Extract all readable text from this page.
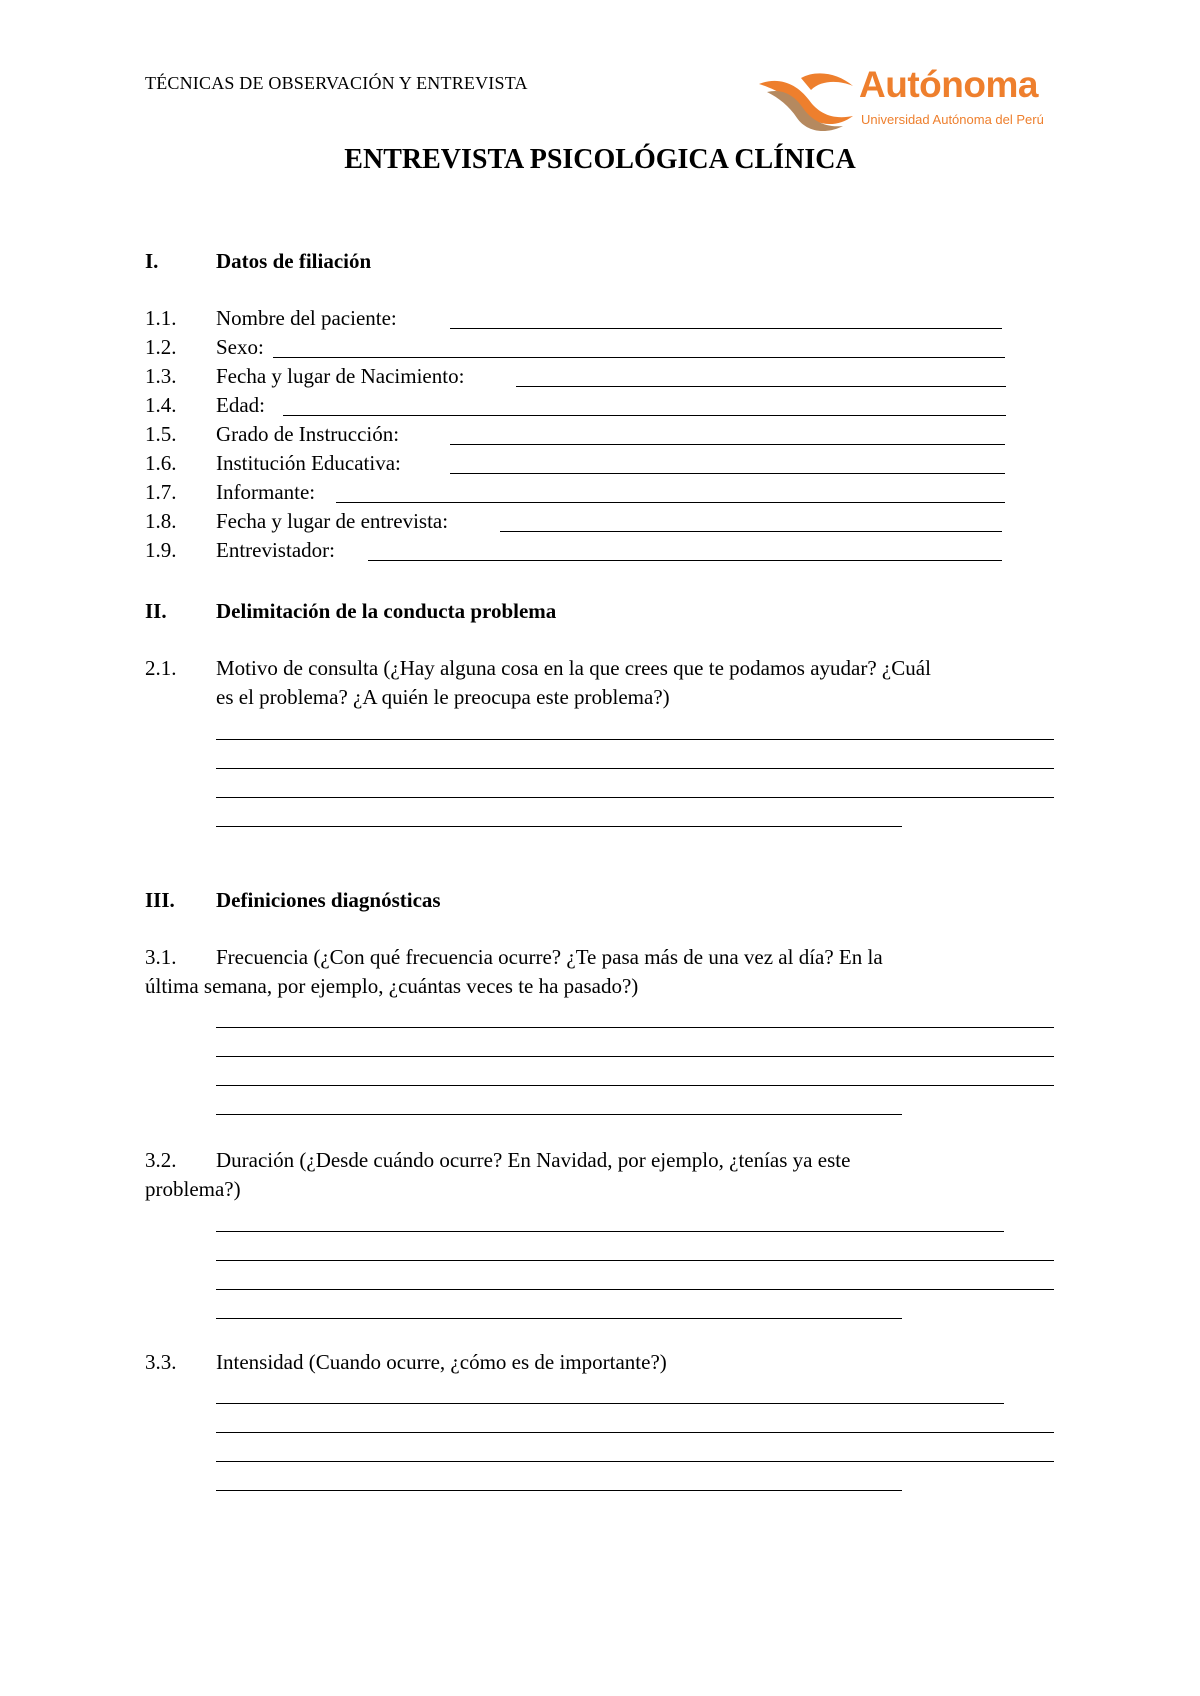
TÉCNICAS DE OBSERVACIÓN Y ENTREVISTA	Autónoma
Universidad Autónoma del Perú
ENTREVISTA PSICOLÓGICA CLÍNICA
I.	Datos de filiación
1.1. Nombre del paciente:
1.2. Sexo:
1.3. Fecha y lugar de Nacimiento:
1.4. Edad:
1.5. Grado de Instrucción:
1.6. Institución Educativa:
1.7. Informante:
1.8. Fecha y lugar de entrevista:
1.9. Entrevistador:
II. Delimitación de la conducta problema
2.1. Motivo de consulta (¿Hay alguna cosa en la que crees que te podamos ayudar? ¿Cuál
es el problema? ¿A quién le preocupa este problema?)
III. Definiciones diagnósticas
3.1. Frecuencia (¿Con qué frecuencia ocurre? ¿Te pasa más de una vez al día? En la
última semana, por ejemplo, ¿cuántas veces te ha pasado?)
3.2. Duración (¿Desde cuándo ocurre? En Navidad, por ejemplo, ¿tenías ya este
problema?)
3.3. Intensidad (Cuando ocurre, ¿cómo es de importante?)
